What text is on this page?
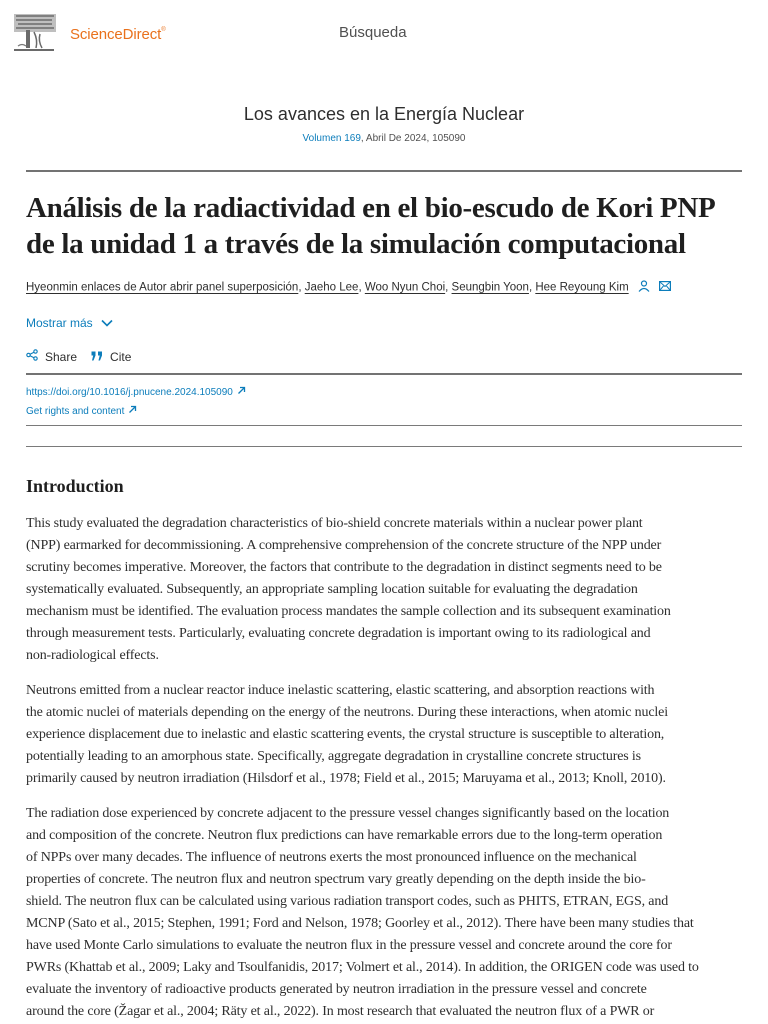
ScienceDirect®	Búsqueda
Los avances en la Energía Nuclear
Volumen 169, Abril De 2024, 105090
Análisis de la radiactividad en el bio-escudo de Kori PNP de la unidad 1 a través de la simulación computacional
Hyeonmin enlaces de Autor abrir panel superposición, Jaeho Lee, Woo Nyun Choi, Seungbin Yoon, Hee Reyoung Kim
Mostrar más
Share	Cite
https://doi.org/10.1016/j.pnucene.2024.105090
Get rights and content
Introduction

This study evaluated the degradation characteristics of bio-shield concrete materials within a nuclear power plant
(NPP) earmarked for decommissioning. A comprehensive comprehension of the concrete structure of the NPP under
scrutiny becomes imperative. Moreover, the factors that contribute to the degradation in distinct segments need to be
systematically evaluated. Subsequently, an appropriate sampling location suitable for evaluating the degradation
mechanism must be identified. The evaluation process mandates the sample collection and its subsequent examination
through measurement tests. Particularly, evaluating concrete degradation is important owing to its radiological and
non-radiological effects.

Neutrons emitted from a nuclear reactor induce inelastic scattering, elastic scattering, and absorption reactions with
the atomic nuclei of materials depending on the energy of the neutrons. During these interactions, when atomic nuclei
experience displacement due to inelastic and elastic scattering events, the crystal structure is susceptible to alteration,
potentially leading to an amorphous state. Specifically, aggregate degradation in crystalline concrete structures is
primarily caused by neutron irradiation (Hilsdorf et al., 1978; Field et al., 2015; Maruyama et al., 2013; Knoll, 2010).

The radiation dose experienced by concrete adjacent to the pressure vessel changes significantly based on the location
and composition of the concrete. Neutron flux predictions can have remarkable errors due to the long-term operation
of NPPs over many decades. The influence of neutrons exerts the most pronounced influence on the mechanical
properties of concrete. The neutron flux and neutron spectrum vary greatly depending on the depth inside the bio-
shield. The neutron flux can be calculated using various radiation transport codes, such as PHITS, ETRAN, EGS, and
MCNP (Sato et al., 2015; Stephen, 1991; Ford and Nelson, 1978; Goorley et al., 2012). There have been many studies that
have used Monte Carlo simulations to evaluate the neutron flux in the pressure vessel and concrete around the core for
PWRs (Khattab et al., 2009; Laky and Tsoulfanidis, 2017; Volmert et al., 2014). In addition, the ORIGEN code was used to
evaluate the inventory of radioactive products generated by neutron irradiation in the pressure vessel and concrete
around the core (Žagar et al., 2004; Räty et al., 2022). In most research that evaluated the neutron flux of a PWR or
